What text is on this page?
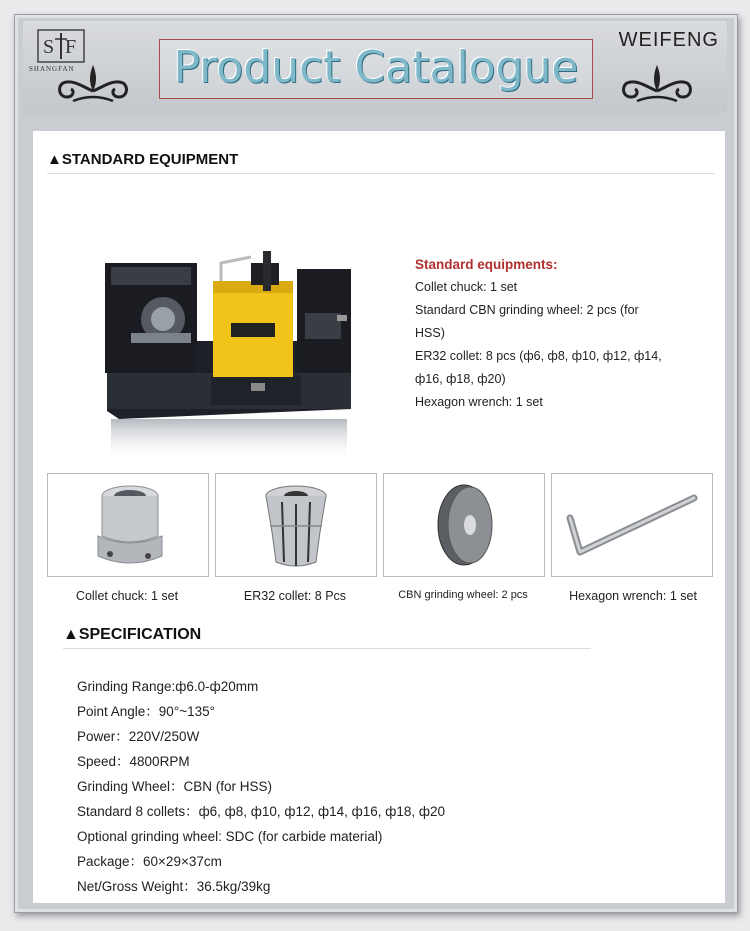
S F
SHANGFAN	Product Catalogue
WEIFENG
▲STANDARD EQUIPMENT
Standard equipments:
Collet chuck: 1 set
Standard CBN grinding wheel: 2 pcs (for
HSS)
ER32 collet: 8 pcs (ф6, ф8, ф10, ф12, ф14,
ф16, ф18, ф20)
Hexagon wrench: 1 set
Collet chuck: 1 set	ER32 collet: 8 Pcs	CBN grinding wheel: 2 pcs	Hexagon wrench: 1 set
▲SPECIFICATION
Grinding Range:ф6.0-ф20mm
Point Angle：90°~135°
Power：220V/250W
Speed：4800RPM
Grinding Wheel：CBN (for HSS)
Standard 8 collets：ф6, ф8, ф10, ф12, ф14, ф16, ф18, ф20
Optional grinding wheel: SDC (for carbide material)
Package：60×29×37cm
Net/Gross Weight：36.5kg/39kg
